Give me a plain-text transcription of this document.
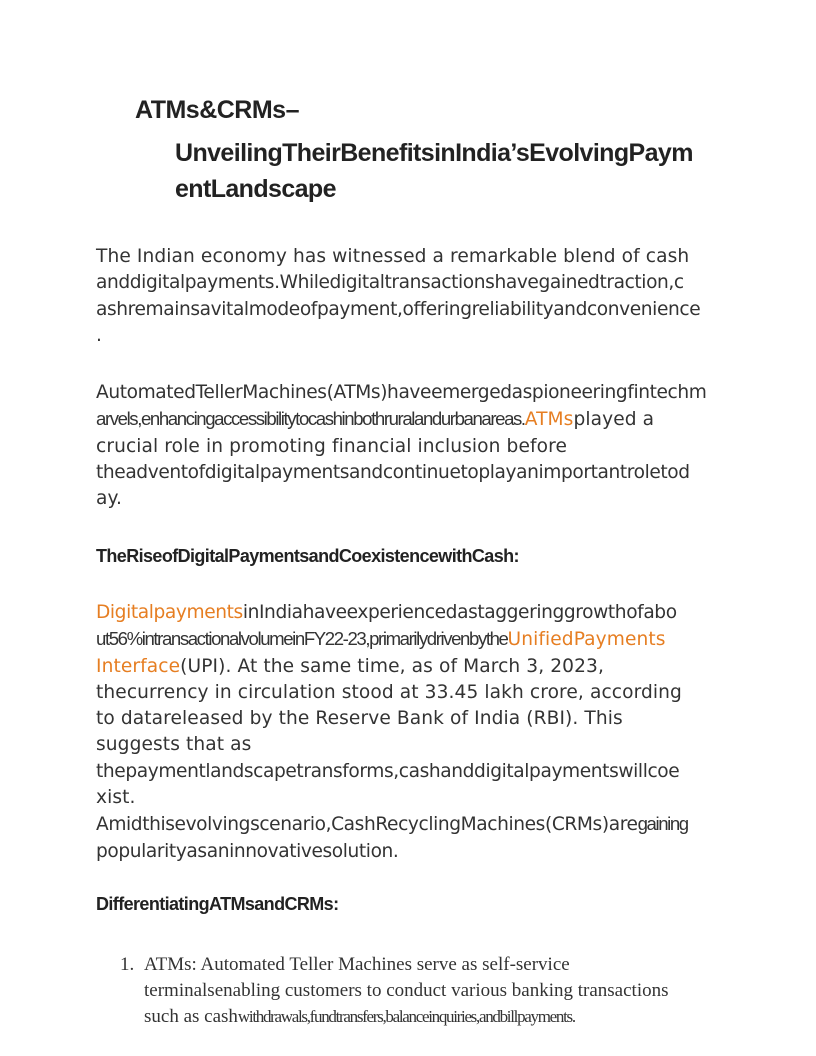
ATMs&CRMs–
UnveilingTheirBenefitsinIndia’sEvolvingPaym
entLandscape
The Indian economy has witnessed a remarkable blend of cash
anddigitalpayments.Whiledigitaltransactionshavegainedtraction,c
ashremainsavitalmodeofpayment,offeringreliabilityandconvenience
.
AutomatedTellerMachines(ATMs)haveemergedaspioneeringfintechm
arvels,enhancingaccessibilitytocashinbothruralandurbanareas.ATMsplayed a
crucial role in promoting financial inclusion before
theadventofdigitalpaymentsandcontinuetoplayanimportantroletod
ay.
TheRiseofDigitalPaymentsandCoexistencewithCash:
DigitalpaymentsinIndiahaveexperiencedastaggeringgrowthofabo
ut56%intransactionalvolumeinFY22-23,primarilydrivenbytheUnifiedPayments
Interface(UPI). At the same time, as of March 3, 2023,
thecurrency in circulation stood at 33.45 lakh crore, according
to datareleased by the Reserve Bank of India (RBI). This
suggests that as
thepaymentlandscapetransforms,cashanddigitalpaymentswillcoe
xist.
Amidthisevolvingscenario,CashRecyclingMachines(CRMs)aregaining
popularityasaninnovativesolution.
DifferentiatingATMsandCRMs:
1. ATMs: Automated Teller Machines serve as self-service
terminalsenabling customers to conduct various banking transactions
such as cashwithdrawals,fundtransfers,balanceinquiries,andbillpayments.
